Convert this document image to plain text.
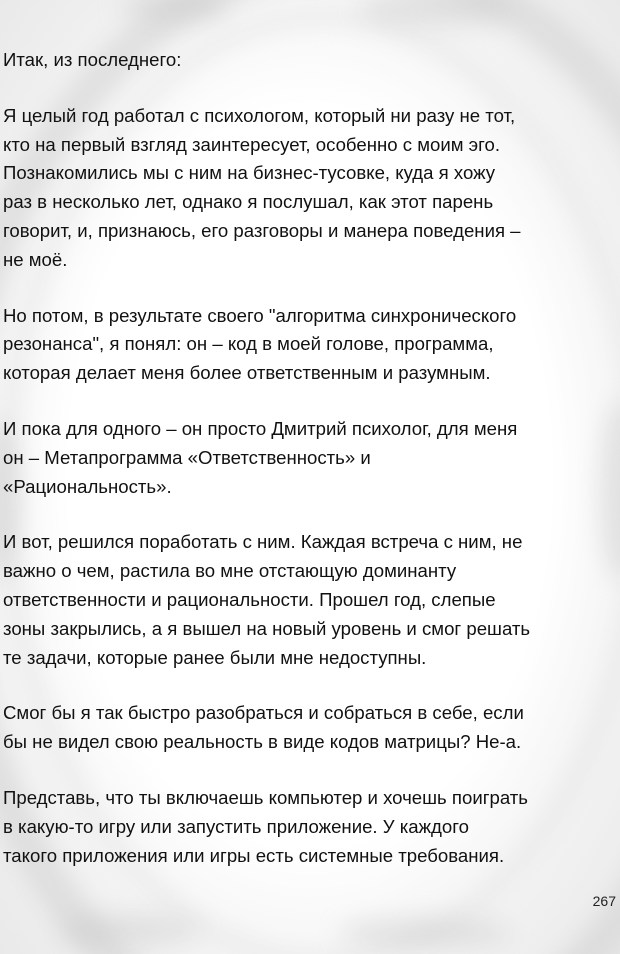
Итак, из последнего:

Я целый год работал с психологом, который ни разу не тот,
кто на первый взгляд заинтересует, особенно с моим эго.
Познакомились мы с ним на бизнес-тусовке, куда я хожу
раз в несколько лет, однако я послушал, как этот парень
говорит, и, признаюсь, его разговоры и манера поведения –
не моё.

Но потом, в результате своего "алгоритма синхронического
резонанса", я понял: он – код в моей голове, программа,
которая делает меня более ответственным и разумным.

И пока для одного – он просто Дмитрий психолог, для меня
он – Метапрограмма «Ответственность» и
«Рациональность».

И вот, решился поработать с ним. Каждая встреча с ним, не
важно о чем, растила во мне отстающую доминанту
ответственности и рациональности. Прошел год, слепые
зоны закрылись, а я вышел на новый уровень и смог решать
те задачи, которые ранее были мне недоступны.

Смог бы я так быстро разобраться и собраться в себе, если
бы не видел свою реальность в виде кодов матрицы? Не-а.

Представь, что ты включаешь компьютер и хочешь поиграть
в какую-то игру или запустить приложение. У каждого
такого приложения или игры есть системные требования.

267
